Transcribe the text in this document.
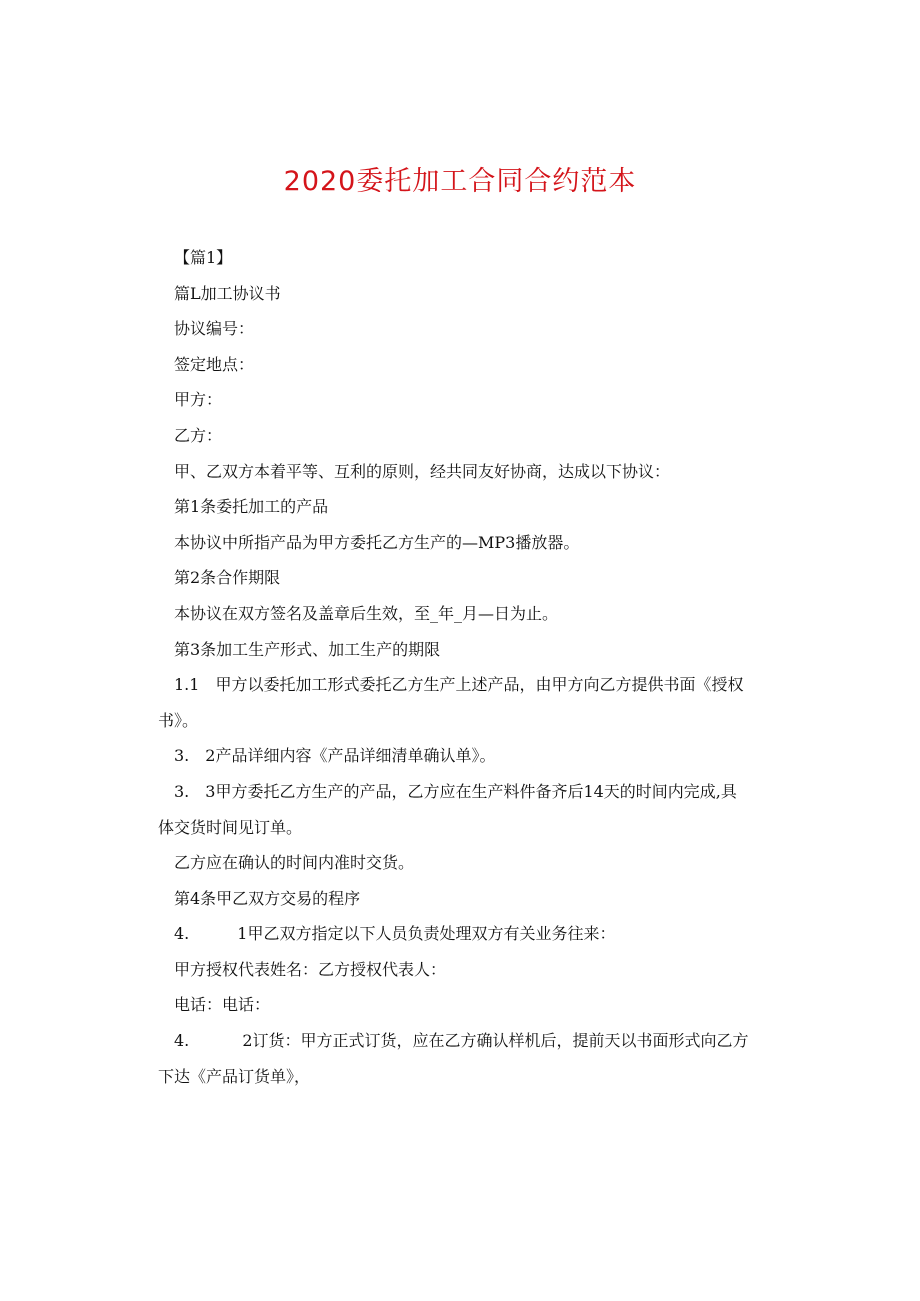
2020委托加工合同合约范本

【篇1】

篇L加工协议书

协议编号：

签定地点：

甲方：

乙方：

甲、乙双方本着平等、互利的原则，经共同友好协商，达成以下协议：

第1条委托加工的产品

本协议中所指产品为甲方委托乙方生产的—MP3播放器。

第2条合作期限

本协议在双方签名及盖章后生效，至_年_月—日为止。

第3条加工生产形式、加工生产的期限

1.1　甲方以委托加工形式委托乙方生产上述产品，由甲方向乙方提供书面《授权

书》。

3.　2产品详细内容《产品详细清单确认单》。

3.　3甲方委托乙方生产的产品，乙方应在生产料件备齐后14天的时间内完成,具

体交货时间见订单。

乙方应在确认的时间内准时交货。

第4条甲乙双方交易的程序

4.　　　1甲乙双方指定以下人员负责处理双方有关业务往来：

甲方授权代表姓名：乙方授权代表人：

电话：电话：

4.　　　 2订货：甲方正式订货，应在乙方确认样机后，提前天以书面形式向乙方

下达《产品订货单》，
